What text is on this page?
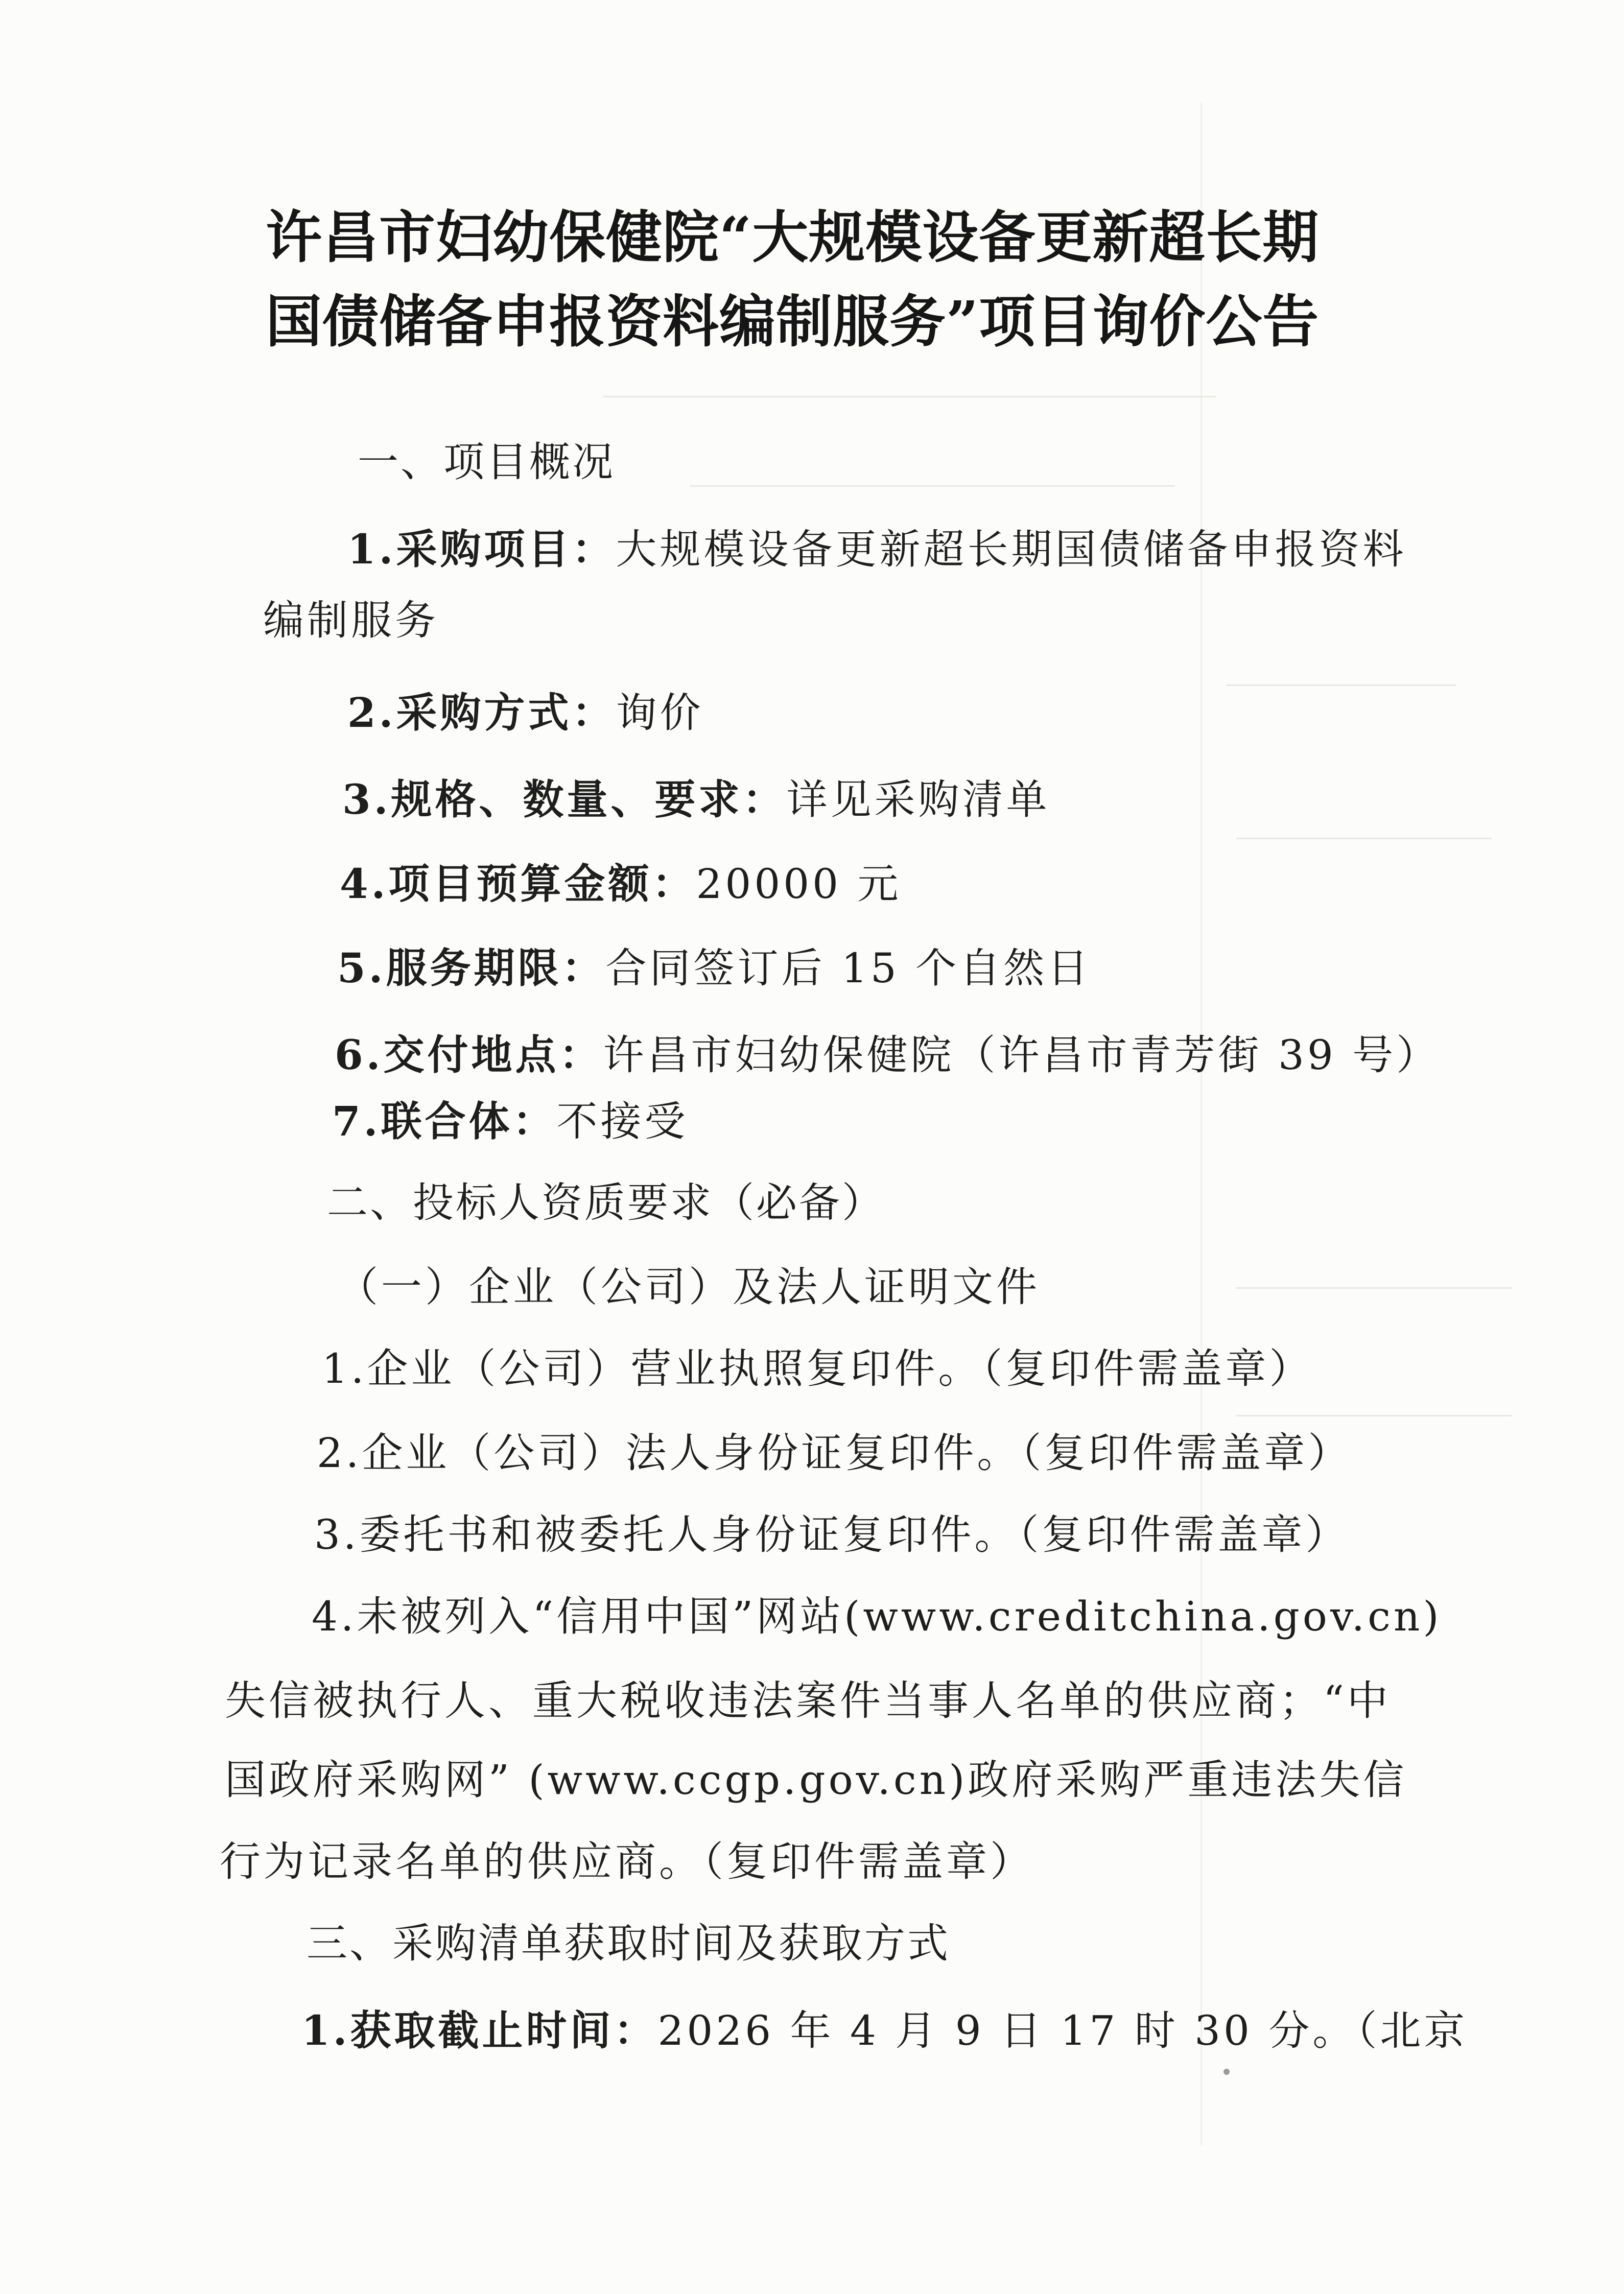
许昌市妇幼保健院“大规模设备更新超长期
国债储备申报资料编制服务”项目询价公告
一、项目概况
1.采购项目：大规模设备更新超长期国债储备申报资料
编制服务
2.采购方式：询价
3.规格、数量、要求：详见采购清单
4.项目预算金额：20000 元
5.服务期限：合同签订后 15 个自然日
6.交付地点：许昌市妇幼保健院（许昌市青芳街 39 号）
7.联合体：不接受
二、投标人资质要求（必备）
（一）企业（公司）及法人证明文件
1.企业（公司）营业执照复印件。（复印件需盖章）
2.企业（公司）法人身份证复印件。（复印件需盖章）
3.委托书和被委托人身份证复印件。（复印件需盖章）
4.未被列入“信用中国”网站(www.creditchina.gov.cn)
失信被执行人、重大税收违法案件当事人名单的供应商；“中
国政府采购网” (www.ccgp.gov.cn)政府采购严重违法失信
行为记录名单的供应商。（复印件需盖章）
三、采购清单获取时间及获取方式
1.获取截止时间：2026 年 4 月 9 日 17 时 30 分。（北京
